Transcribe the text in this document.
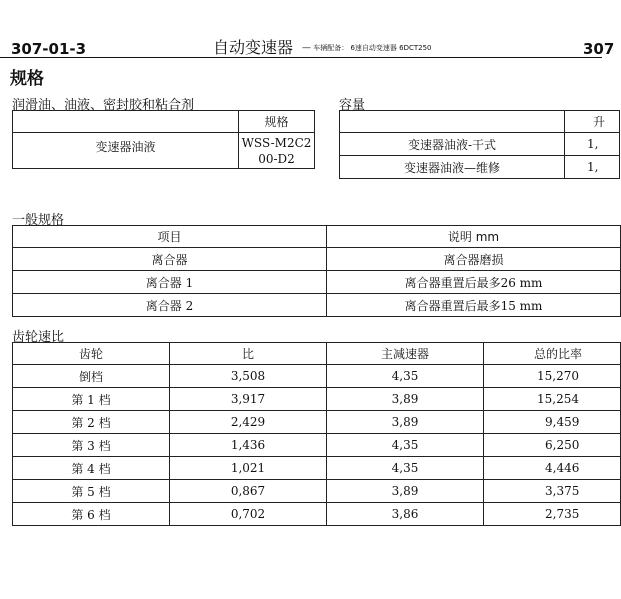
307-01-3	自动变速器 — 车辆配备： 6速自动变速器 6DCT250	307
规格
润滑油、油液、密封胶和粘合剂
	规格
变速器油液	WSS-M2C200-D2
容量
	升
变速器油液-干式	1,
变速器油液—维修	1,
一般规格
项目	说明 mm
离合器	离合器磨损
离合器 1	离合器重置后最多26 mm
离合器 2	离合器重置后最多15 mm
齿轮速比
齿轮	比	主减速器	总的比率
倒档	3,508	4,35	15,270
第 1 档	3,917	3,89	15,254
第 2 档	2,429	3,89	9,459
第 3 档	1,436	4,35	6,250
第 4 档	1,021	4,35	4,446
第 5 档	0,867	3,89	3,375
第 6 档	0,702	3,86	2,735
